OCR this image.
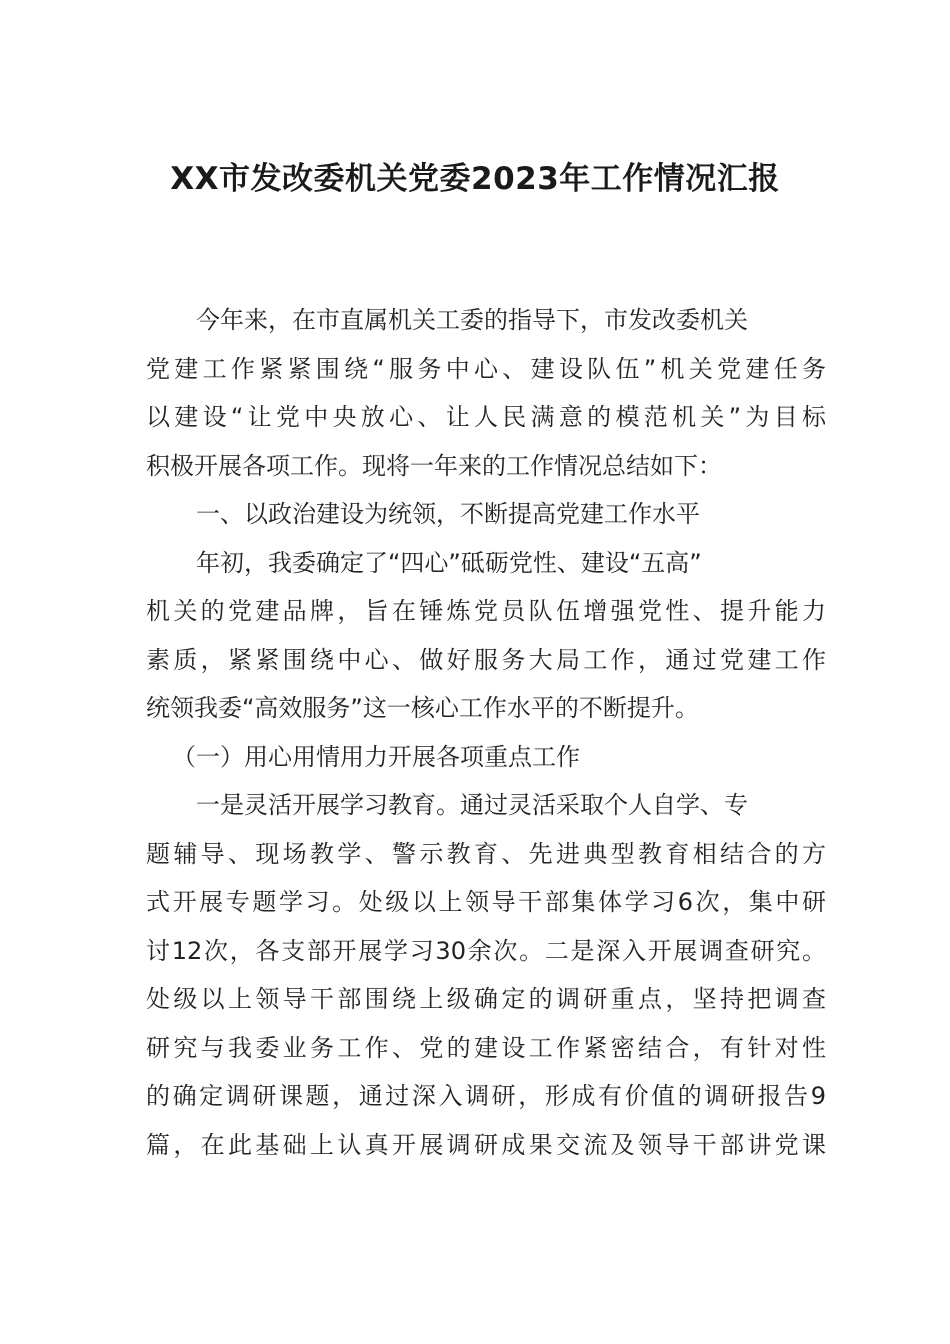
XX市发改委机关党委2023年工作情况汇报
今年来，在市直属机关工委的指导下，市发改委机关
党建工作紧紧围绕“服务中心、建设队伍”机关党建任务
以建设“让党中央放心、让人民满意的模范机关”为目标
积极开展各项工作。现将一年来的工作情况总结如下：
一、以政治建设为统领，不断提高党建工作水平
年初，我委确定了“四心”砥砺党性、建设“五高”
机关的党建品牌，旨在锤炼党员队伍增强党性、提升能力
素质，紧紧围绕中心、做好服务大局工作，通过党建工作
统领我委“高效服务”这一核心工作水平的不断提升。
（一）用心用情用力开展各项重点工作
一是灵活开展学习教育。通过灵活采取个人自学、专
题辅导、现场教学、警示教育、先进典型教育相结合的方
式开展专题学习。处级以上领导干部集体学习6次，集中研
讨12次，各支部开展学习30余次。二是深入开展调查研究。
处级以上领导干部围绕上级确定的调研重点，坚持把调查
研究与我委业务工作、党的建设工作紧密结合，有针对性
的确定调研课题，通过深入调研，形成有价值的调研报告9
篇，在此基础上认真开展调研成果交流及领导干部讲党课
